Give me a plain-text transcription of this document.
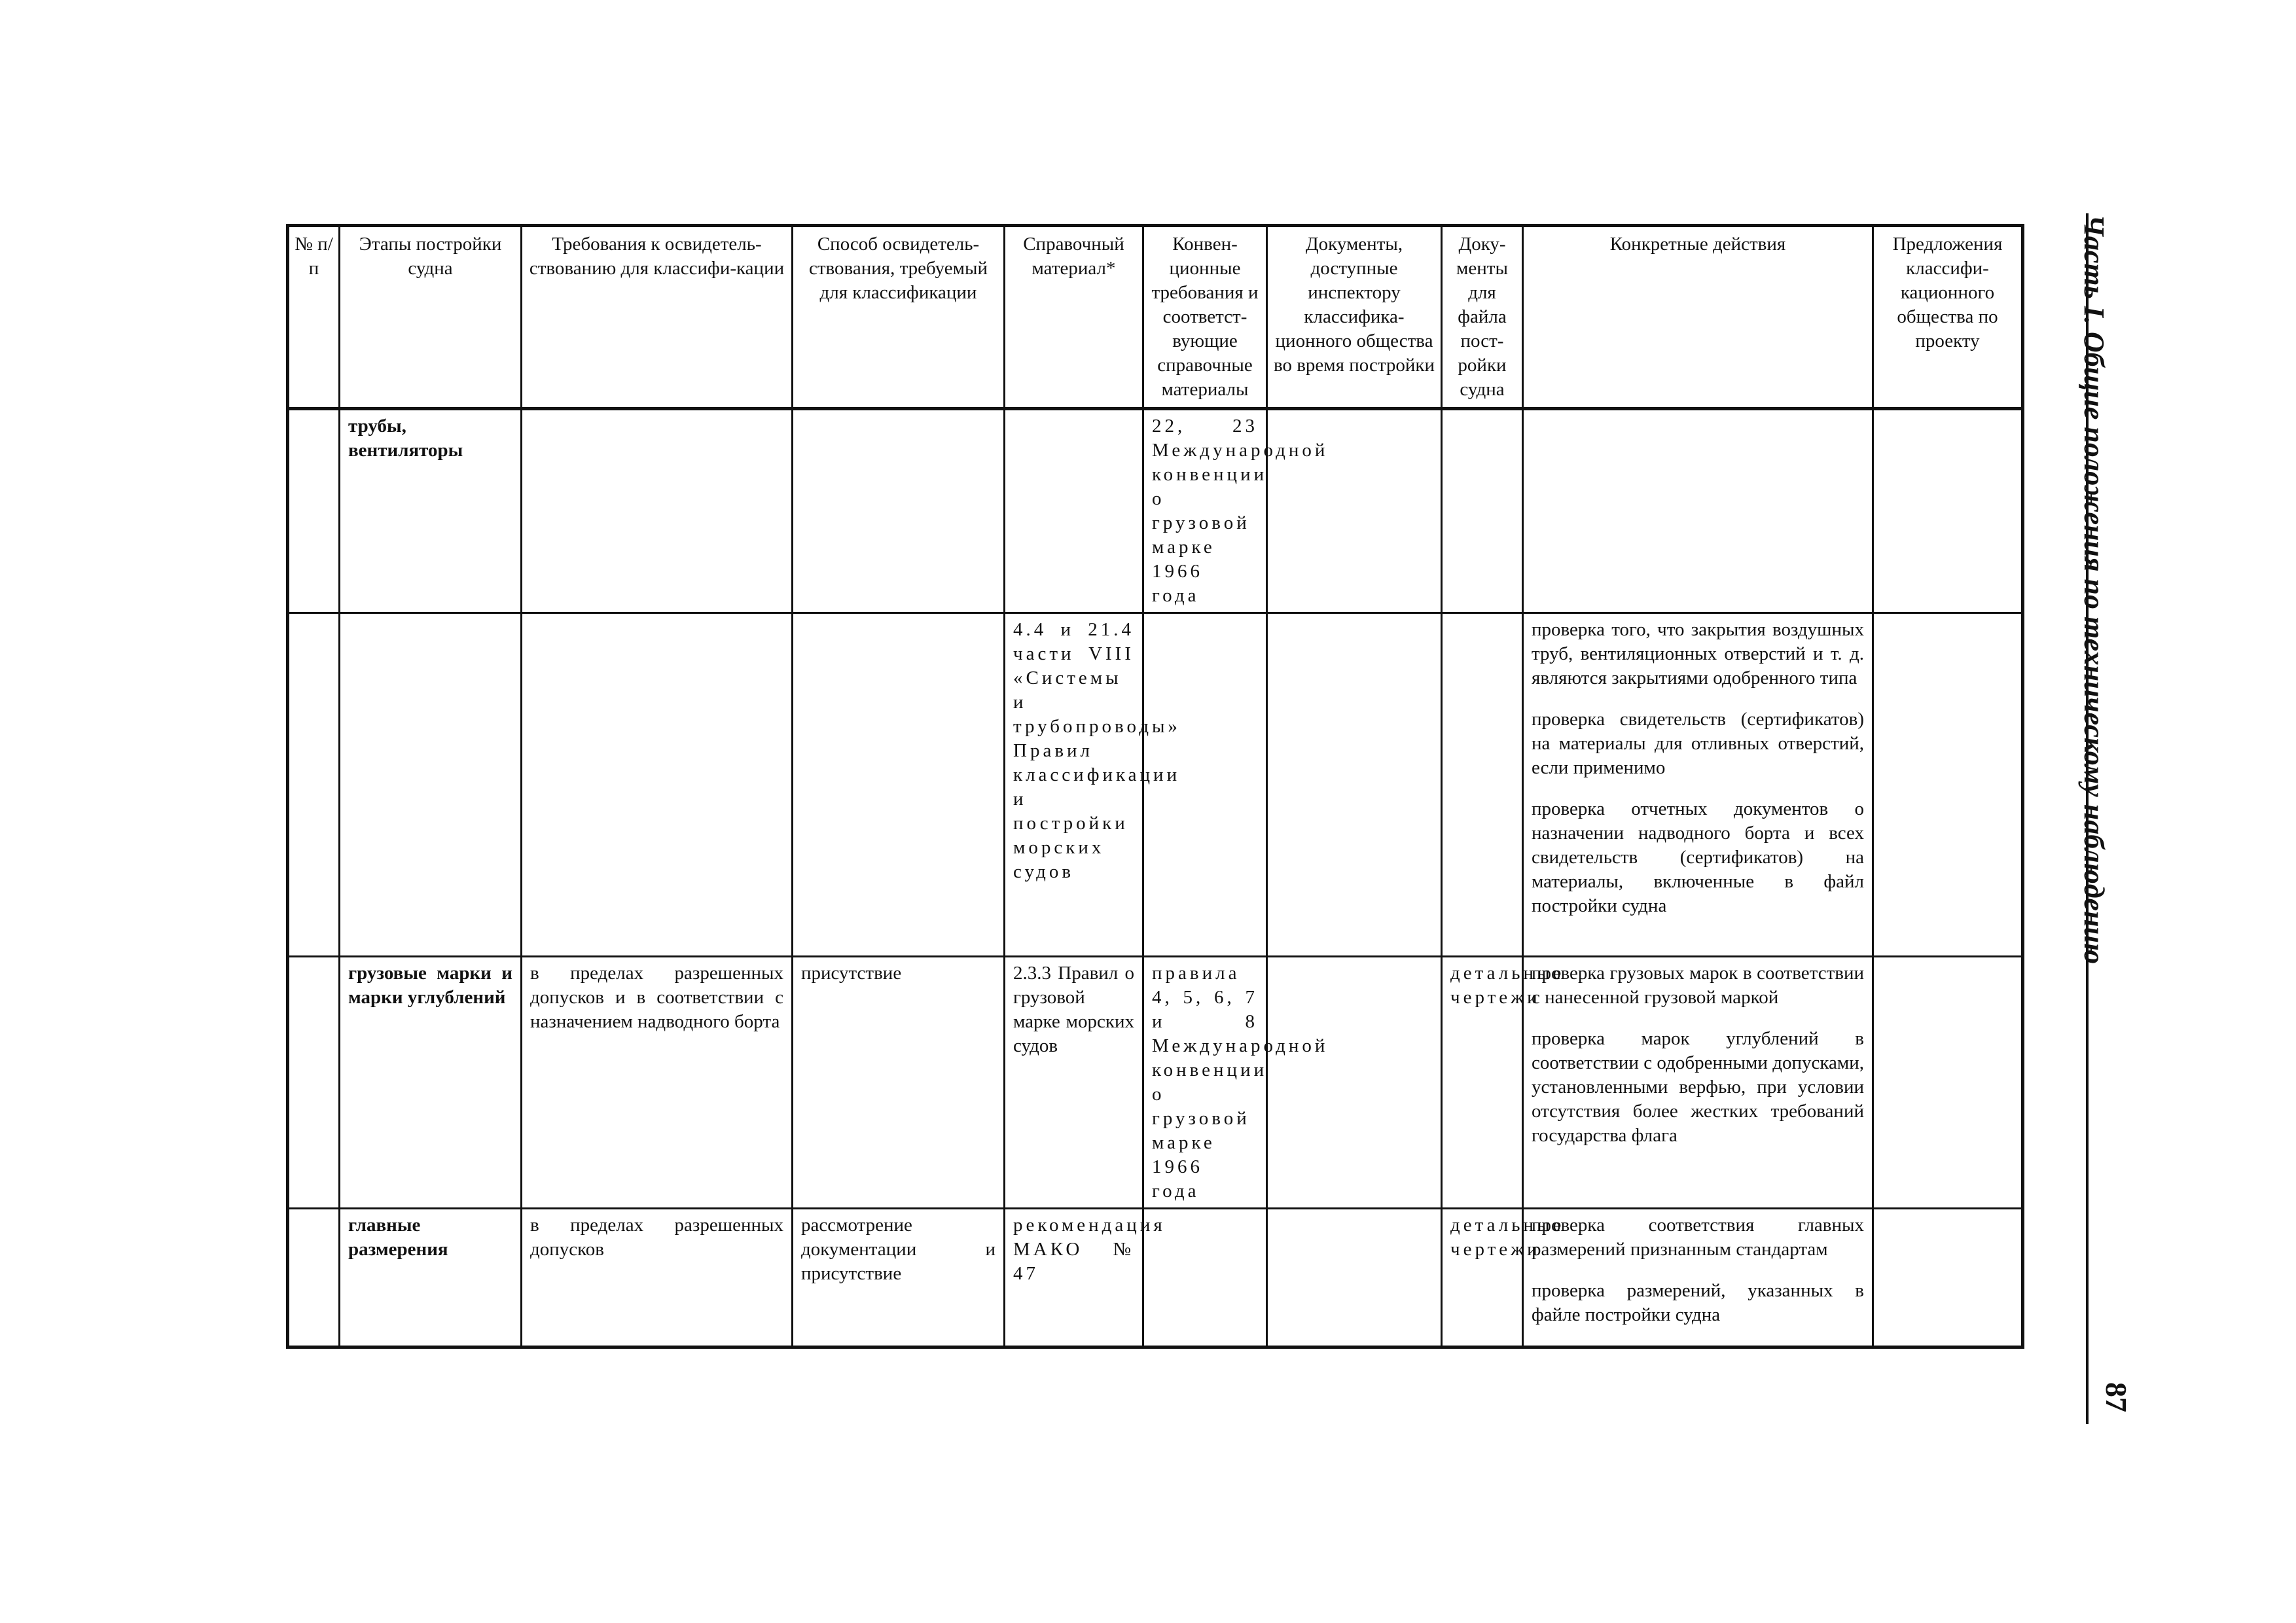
№ п/п	Этапы постройки судна	Требования к освидетель-ствованию для классифи-кации	Способ освидетель-ствования, требуемый для классификации	Справочный материал*	Конвен-ционные требования и соответст-вующие справочные материалы	Документы, доступные инспектору классифика-ционного общества во время постройки	Доку-менты для файла пост-ройки судна	Конкретные действия	Предложения классифи-кационного общества по проекту
	трубы, вентиляторы				22, 23 Международной конвенции о грузовой марке 1966 года				
				4.4 и 21.4 части VIII «Системы и трубопроводы» Правил классификации и постройки морских судов				проверка того, что закрытия воздушных труб, вентиляционных отверстий и т. д. являются закрытиями одобренного типа
проверка свидетельств (сертификатов) на материалы для отливных отверстий, если применимо
проверка отчетных документов о назначении надводного борта и всех свидетельств (сертификатов) на материалы, включенные в файл постройки судна	

	грузовые марки и марки углублений	в пределах разрешенных допусков и в соответствии с назначением надводного борта	присутствие	2.3.3 Правил о грузовой марке морских судов	правила 4, 5, 6, 7 и 8 Международной конвенции о грузовой марке 1966 года		детальные чертежи	проверка грузовых марок в соответствии с нанесенной грузовой маркой
проверка марок углублений в соответствии с одобренными допусками, установленными верфью, при условии отсутствия более жестких требований государства флага	

	главные размерения	в пределах разрешенных допусков	рассмотрение документации и присутствие	рекомендация МАКО № 47			детальные чертежи	проверка соответствия главных размерений признанным стандартам
проверка размерений, указанных в файле постройки судна	

Часть I. Общие положения по техническому наблюдению
87
